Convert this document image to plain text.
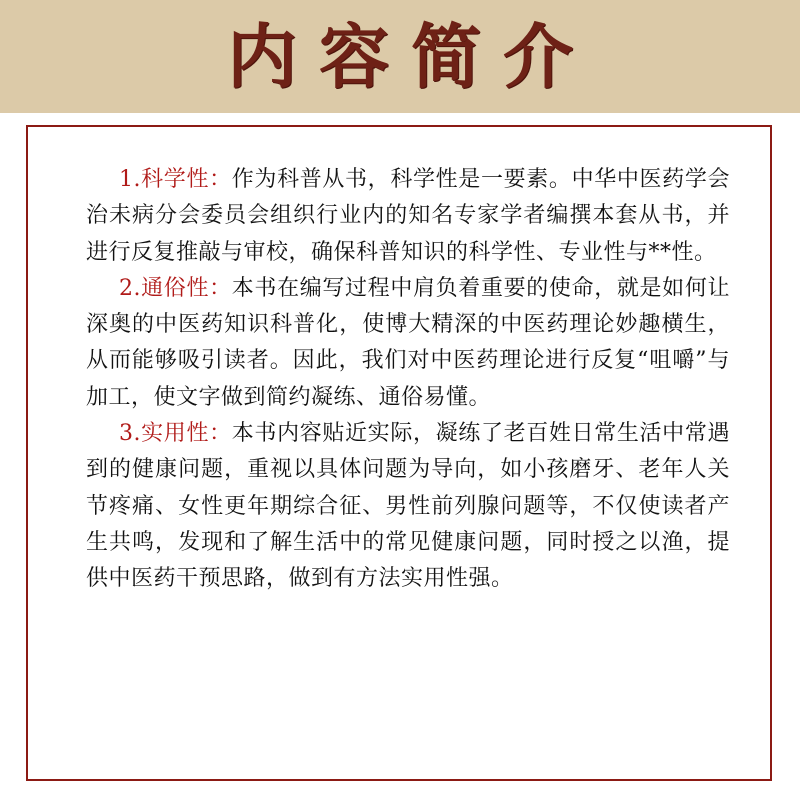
内容简介

1.科学性：作为科普从书，科学性是一要素。中华中医药学会治未病分会委员会组织行业内的知名专家学者编撰本套从书，并进行反复推敲与审校，确保科普知识的科学性、专业性与**性。

2.通俗性：本书在编写过程中肩负着重要的使命，就是如何让深奥的中医药知识科普化，使博大精深的中医药理论妙趣横生，从而能够吸引读者。因此，我们对中医药理论进行反复“咀嚼”与加工，使文字做到简约凝练、通俗易懂。

3.实用性：本书内容贴近实际，凝练了老百姓日常生活中常遇到的健康问题，重视以具体问题为导向，如小孩磨牙、老年人关节疼痛、女性更年期综合征、男性前列腺问题等，不仅使读者产生共鸣，发现和了解生活中的常见健康问题，同时授之以渔，提供中医药干预思路，做到有方法实用性强。
